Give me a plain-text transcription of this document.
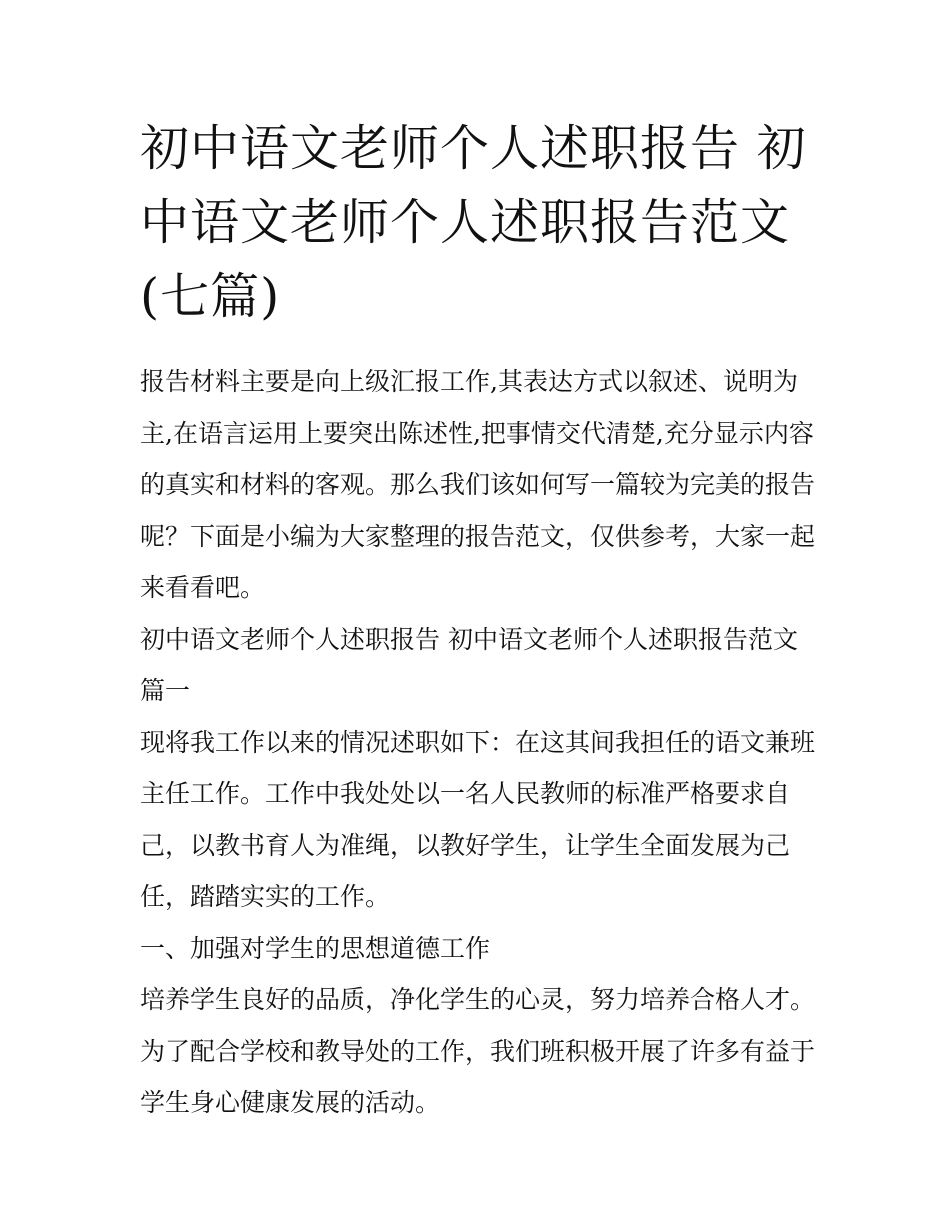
初中语文老师个人述职报告 初中语文老师个人述职报告范文(七篇)

报告材料主要是向上级汇报工作,其表达方式以叙述、说明为主,在语言运用上要突出陈述性,把事情交代清楚,充分显示内容的真实和材料的客观。那么我们该如何写一篇较为完美的报告呢？下面是小编为大家整理的报告范文，仅供参考，大家一起来看看吧。

初中语文老师个人述职报告 初中语文老师个人述职报告范文篇一

现将我工作以来的情况述职如下：在这其间我担任的语文兼班主任工作。工作中我处处以一名人民教师的标准严格要求自己，以教书育人为准绳，以教好学生，让学生全面发展为己任，踏踏实实的工作。

一、加强对学生的思想道德工作

培养学生良好的品质，净化学生的心灵，努力培养合格人才。为了配合学校和教导处的工作，我们班积极开展了许多有益于学生身心健康发展的活动。
